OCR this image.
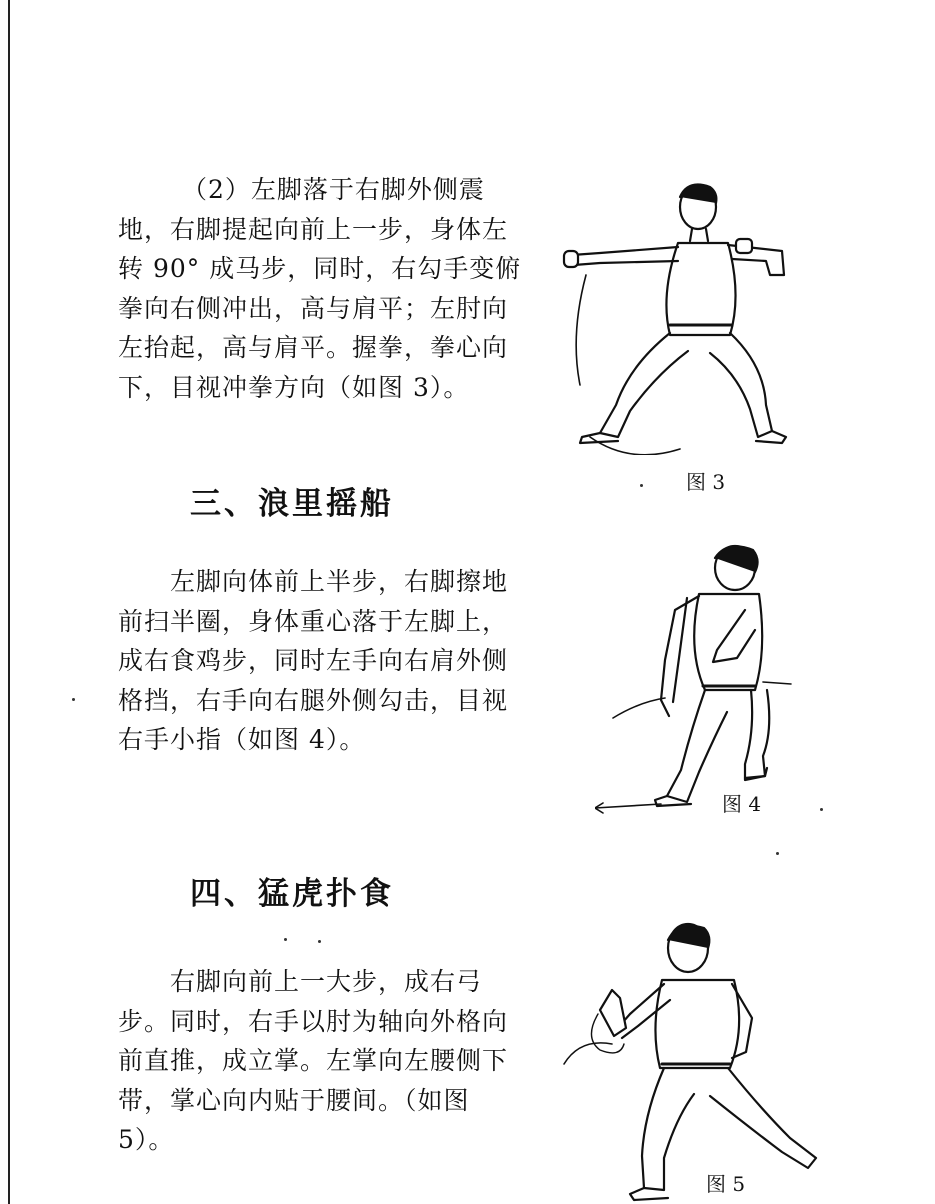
（2）左脚落于右脚外侧震
地，右脚提起向前上一步，身体左
转 90° 成马步，同时，右勾手变俯
拳向右侧冲出，高与肩平；左肘向
左抬起，高与肩平。握拳，拳心向
下，目视冲拳方向（如图 3）。
图 3
三、浪里摇船
　　左脚向体前上半步，右脚擦地
前扫半圈，身体重心落于左脚上，
成右食鸡步，同时左手向右肩外侧
格挡，右手向右腿外侧勾击，目视
右手小指（如图 4）。
图 4
四、猛虎扑食
　　右脚向前上一大步，成右弓
步。同时，右手以肘为轴向外格向
前直推，成立掌。左掌向左腰侧下
带，掌心向内贴于腰间。（如图
5）。
图 5
